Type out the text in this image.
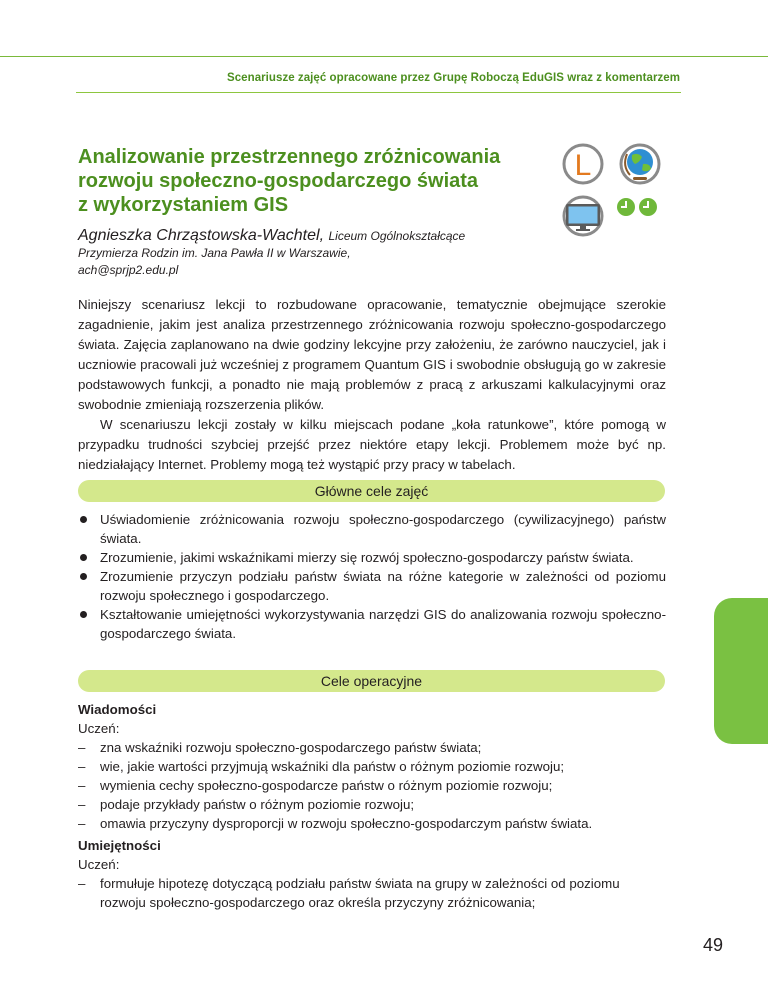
Scenariusze zajęć opracowane przez Grupę Roboczą EduGIS wraz z komentarzem
Analizowanie przestrzennego zróżnicowania
rozwoju społeczno-gospodarczego świata
z wykorzystaniem GIS
L
Agnieszka Chrząstowska-Wachtel, Liceum Ogólnokształcące
Przymierza Rodzin im. Jana Pawła II w Warszawie,
ach@sprjp2.edu.pl

Niniejszy scenariusz lekcji to rozbudowane opracowanie, tematycznie obejmujące szerokie zagadnienie, jakim jest analiza przestrzennego zróżnicowania rozwoju społeczno-gospodarczego świata. Zajęcia zaplanowano na dwie godziny lekcyjne przy założeniu, że zarówno nauczyciel, jak i uczniowie pracowali już wcześniej z programem Quantum GIS i swobodnie obsługują go w zakresie podstawowych funkcji, a ponadto nie mają problemów z pracą z arkuszami kalkulacyjnymi oraz swobodnie zmieniają rozszerzenia plików.

W scenariuszu lekcji zostały w kilku miejscach podane „koła ratunkowe”, które pomogą w przypadku trudności szybciej przejść przez niektóre etapy lekcji. Problemem może być np. niedziałający Internet. Problemy mogą też wystąpić przy pracy w tabelach.

Główne cele zajęć
Uświadomienie zróżnicowania rozwoju społeczno-gospodarczego (cywilizacyjnego) państw świata.
Zrozumienie, jakimi wskaźnikami mierzy się rozwój społeczno-gospodarczy państw świata.
Zrozumienie przyczyn podziału państw świata na różne kategorie w zależności od poziomu rozwoju społecznego i gospodarczego.
Kształtowanie umiejętności wykorzystywania narzędzi GIS do analizowania rozwoju społeczno-gospodarczego świata.
Cele operacyjne
Wiadomości
Uczeń:
– zna wskaźniki rozwoju społeczno-gospodarczego państw świata;
– wie, jakie wartości przyjmują wskaźniki dla państw o różnym poziomie rozwoju;
– wymienia cechy społeczno-gospodarcze państw o różnym poziomie rozwoju;
– podaje przykłady państw o różnym poziomie rozwoju;
– omawia przyczyny dysproporcji w rozwoju społeczno-gospodarczym państw świata.
Umiejętności
Uczeń:
– formułuje hipotezę dotyczącą podziału państw świata na grupy w zależności od poziomu rozwoju społeczno-gospodarczego oraz określa przyczyny zróżnicowania;
49
